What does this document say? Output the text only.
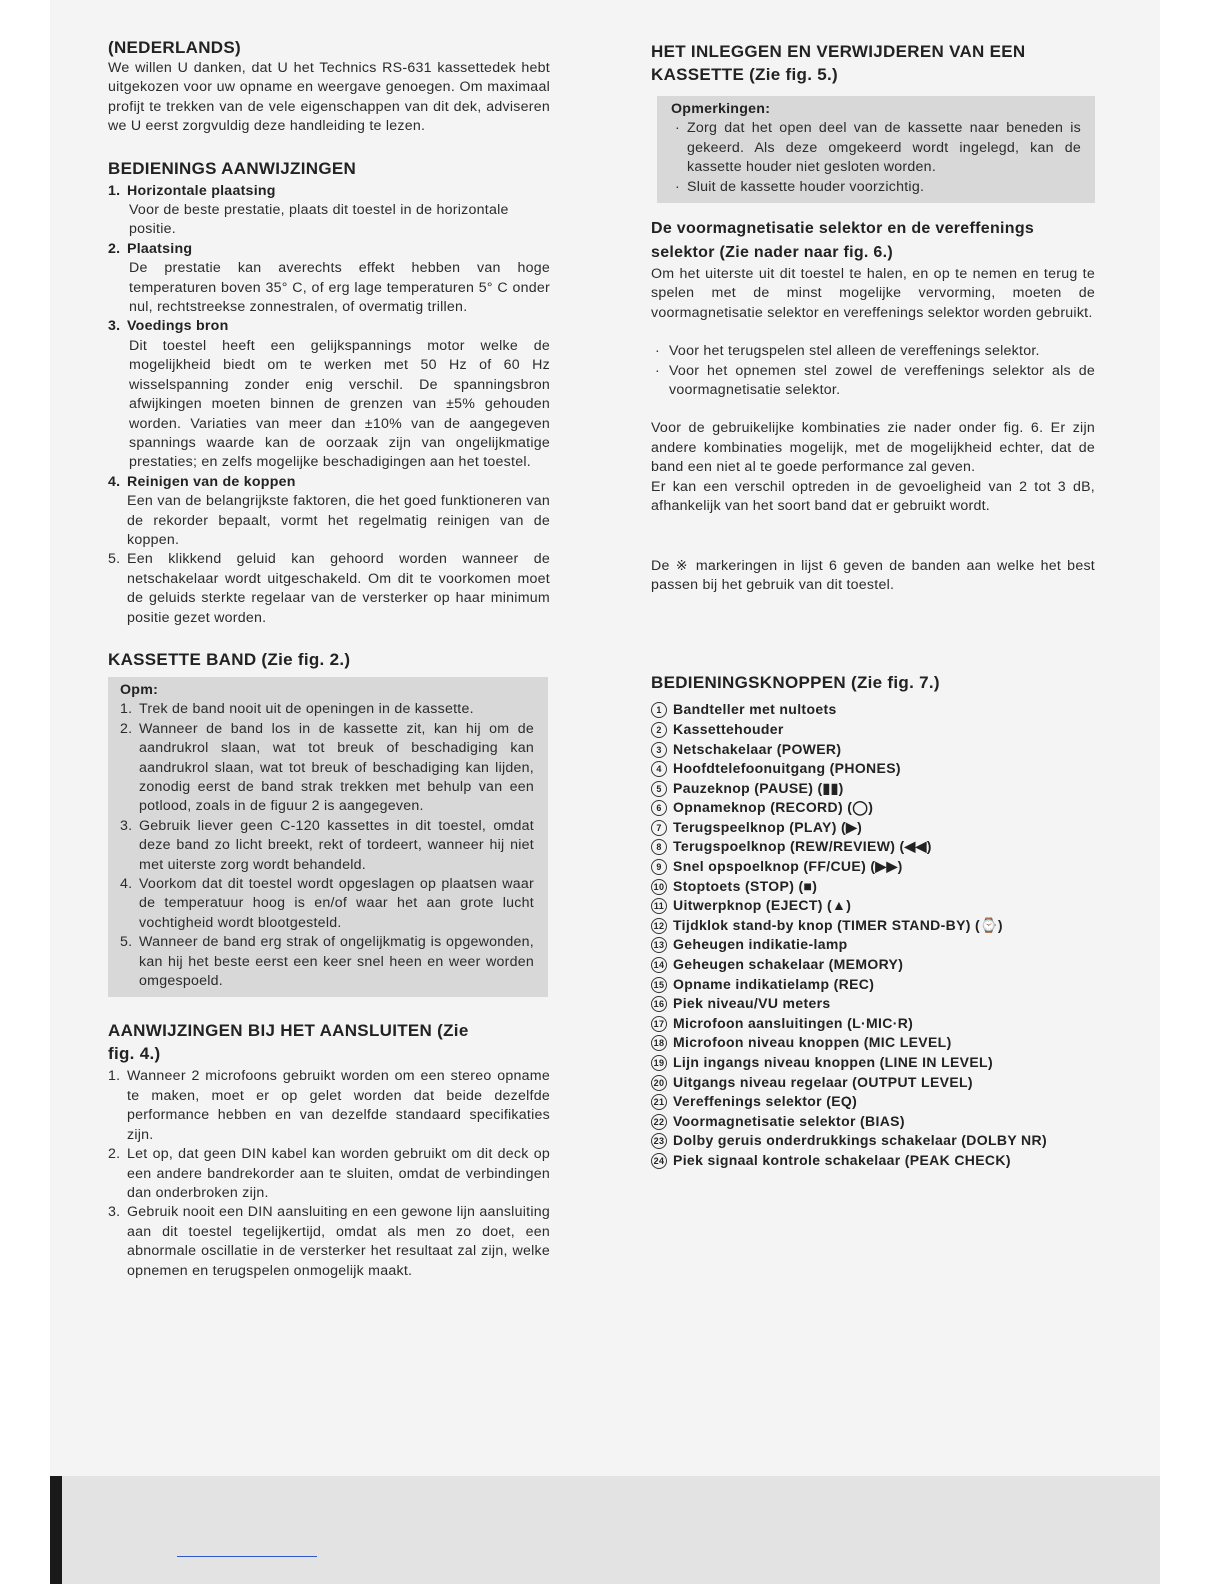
(NEDERLANDS)

We willen U danken, dat U het Technics RS-631 kassettedek hebt uitgekozen voor uw opname en weergave genoegen. Om maximaal profijt te trekken van de vele eigenschappen van dit dek, adviseren we U eerst zorgvuldig deze handleiding te lezen.

BEDIENINGS AANWIJZINGEN
1. Horizontale plaatsing
Voor de beste prestatie, plaats dit toestel in de horizontale positie.
2. Plaatsing
De prestatie kan averechts effekt hebben van hoge temperaturen boven 35° C, of erg lage temperaturen 5° C onder nul, rechtstreekse zonnestralen, of overmatig trillen.
3. Voedings bron
Dit toestel heeft een gelijkspannings motor welke de mogelijkheid biedt om te werken met 50 Hz of 60 Hz wisselspanning zonder enig verschil. De spanningsbron afwijkingen moeten binnen de grenzen van ±5% gehouden worden. Variaties van meer dan ±10% van de aangegeven spannings waarde kan de oorzaak zijn van ongelijkmatige prestaties; en zelfs mogelijke beschadigingen aan het toestel.
4. Reinigen van de koppen
Een van de belangrijkste faktoren, die het goed funktioneren van de rekorder bepaalt, vormt het regelmatig reinigen van de koppen.
5. Een klikkend geluid kan gehoord worden wanneer de netschakelaar wordt uitgeschakeld. Om dit te voorkomen moet de geluids sterkte regelaar van de versterker op haar minimum positie gezet worden.
KASSETTE BAND (Zie fig. 2.)
Opm:
1. Trek de band nooit uit de openingen in de kassette.
2. Wanneer de band los in de kassette zit, kan hij om de aandrukrol slaan, wat tot breuk of beschadiging kan aandrukrol slaan, wat tot breuk of beschadiging kan lijden, zonodig eerst de band strak trekken met behulp van een potlood, zoals in de figuur 2 is aangegeven.
3. Gebruik liever geen C-120 kassettes in dit toestel, omdat deze band zo licht breekt, rekt of tordeert, wanneer hij niet met uiterste zorg wordt behandeld.
4. Voorkom dat dit toestel wordt opgeslagen op plaatsen waar de temperatuur hoog is en/of waar het aan grote lucht vochtigheid wordt blootgesteld.
5. Wanneer de band erg strak of ongelijkmatig is opgewonden, kan hij het beste eerst een keer snel heen en weer worden omgespoeld.
AANWIJZINGEN BIJ HET AANSLUITEN (Zie fig. 4.)
1. Wanneer 2 microfoons gebruikt worden om een stereo opname te maken, moet er op gelet worden dat beide dezelfde performance hebben en van dezelfde standaard specifikaties zijn.
2. Let op, dat geen DIN kabel kan worden gebruikt om dit deck op een andere bandrekorder aan te sluiten, omdat de verbindingen dan onderbroken zijn.
3. Gebruik nooit een DIN aansluiting en een gewone lijn aansluiting aan dit toestel tegelijkertijd, omdat als men zo doet, een abnormale oscillatie in de versterker het resultaat zal zijn, welke opnemen en terugspelen onmogelijk maakt.
HET INLEGGEN EN VERWIJDEREN VAN EEN KASSETTE (Zie fig. 5.)
Opmerkingen:
· Zorg dat het open deel van de kassette naar beneden is gekeerd. Als deze omgekeerd wordt ingelegd, kan de kassette houder niet gesloten worden.
· Sluit de kassette houder voorzichtig.
De voormagnetisatie selektor en de vereffenings selektor (Zie nader naar fig. 6.)

Om het uiterste uit dit toestel te halen, en op te nemen en terug te spelen met de minst mogelijke vervorming, moeten de voormagnetisatie selektor en vereffenings selektor worden gebruikt.

· Voor het terugspelen stel alleen de vereffenings selektor.
· Voor het opnemen stel zowel de vereffenings selektor als de voormagnetisatie selektor.

Voor de gebruikelijke kombinaties zie nader onder fig. 6. Er zijn andere kombinaties mogelijk, met de mogelijkheid echter, dat de band een niet al te goede performance zal geven.

Er kan een verschil optreden in de gevoeligheid van 2 tot 3 dB, afhankelijk van het soort band dat er gebruikt wordt.

De ※ markeringen in lijst 6 geven de banden aan welke het best passen bij het gebruik van dit toestel.

BEDIENINGSKNOPPEN (Zie fig. 7.)
1 Bandteller met nultoets
2 Kassettehouder
3 Netschakelaar (POWER)
4 Hoofdtelefoonuitgang (PHONES)
5 Pauzeknop (PAUSE) (▮▮)
6 Opnameknop (RECORD) (◯)
7 Terugspeelknop (PLAY) (▶)
8 Terugspoelknop (REW/REVIEW) (◀◀)
9 Snel opspoelknop (FF/CUE) (▶▶)
10 Stoptoets (STOP) (■)
11 Uitwerpknop (EJECT) (▲)
12 Tijdklok stand-by knop (TIMER STAND-BY) (⌚)
13 Geheugen indikatie-lamp
14 Geheugen schakelaar (MEMORY)
15 Opname indikatielamp (REC)
16 Piek niveau/VU meters
17 Microfoon aansluitingen (L·MIC·R)
18 Microfoon niveau knoppen (MIC LEVEL)
19 Lijn ingangs niveau knoppen (LINE IN LEVEL)
20 Uitgangs niveau regelaar (OUTPUT LEVEL)
21 Vereffenings selektor (EQ)
22 Voormagnetisatie selektor (BIAS)
23 Dolby geruis onderdrukkings schakelaar (DOLBY NR)
24 Piek signaal kontrole schakelaar (PEAK CHECK)
